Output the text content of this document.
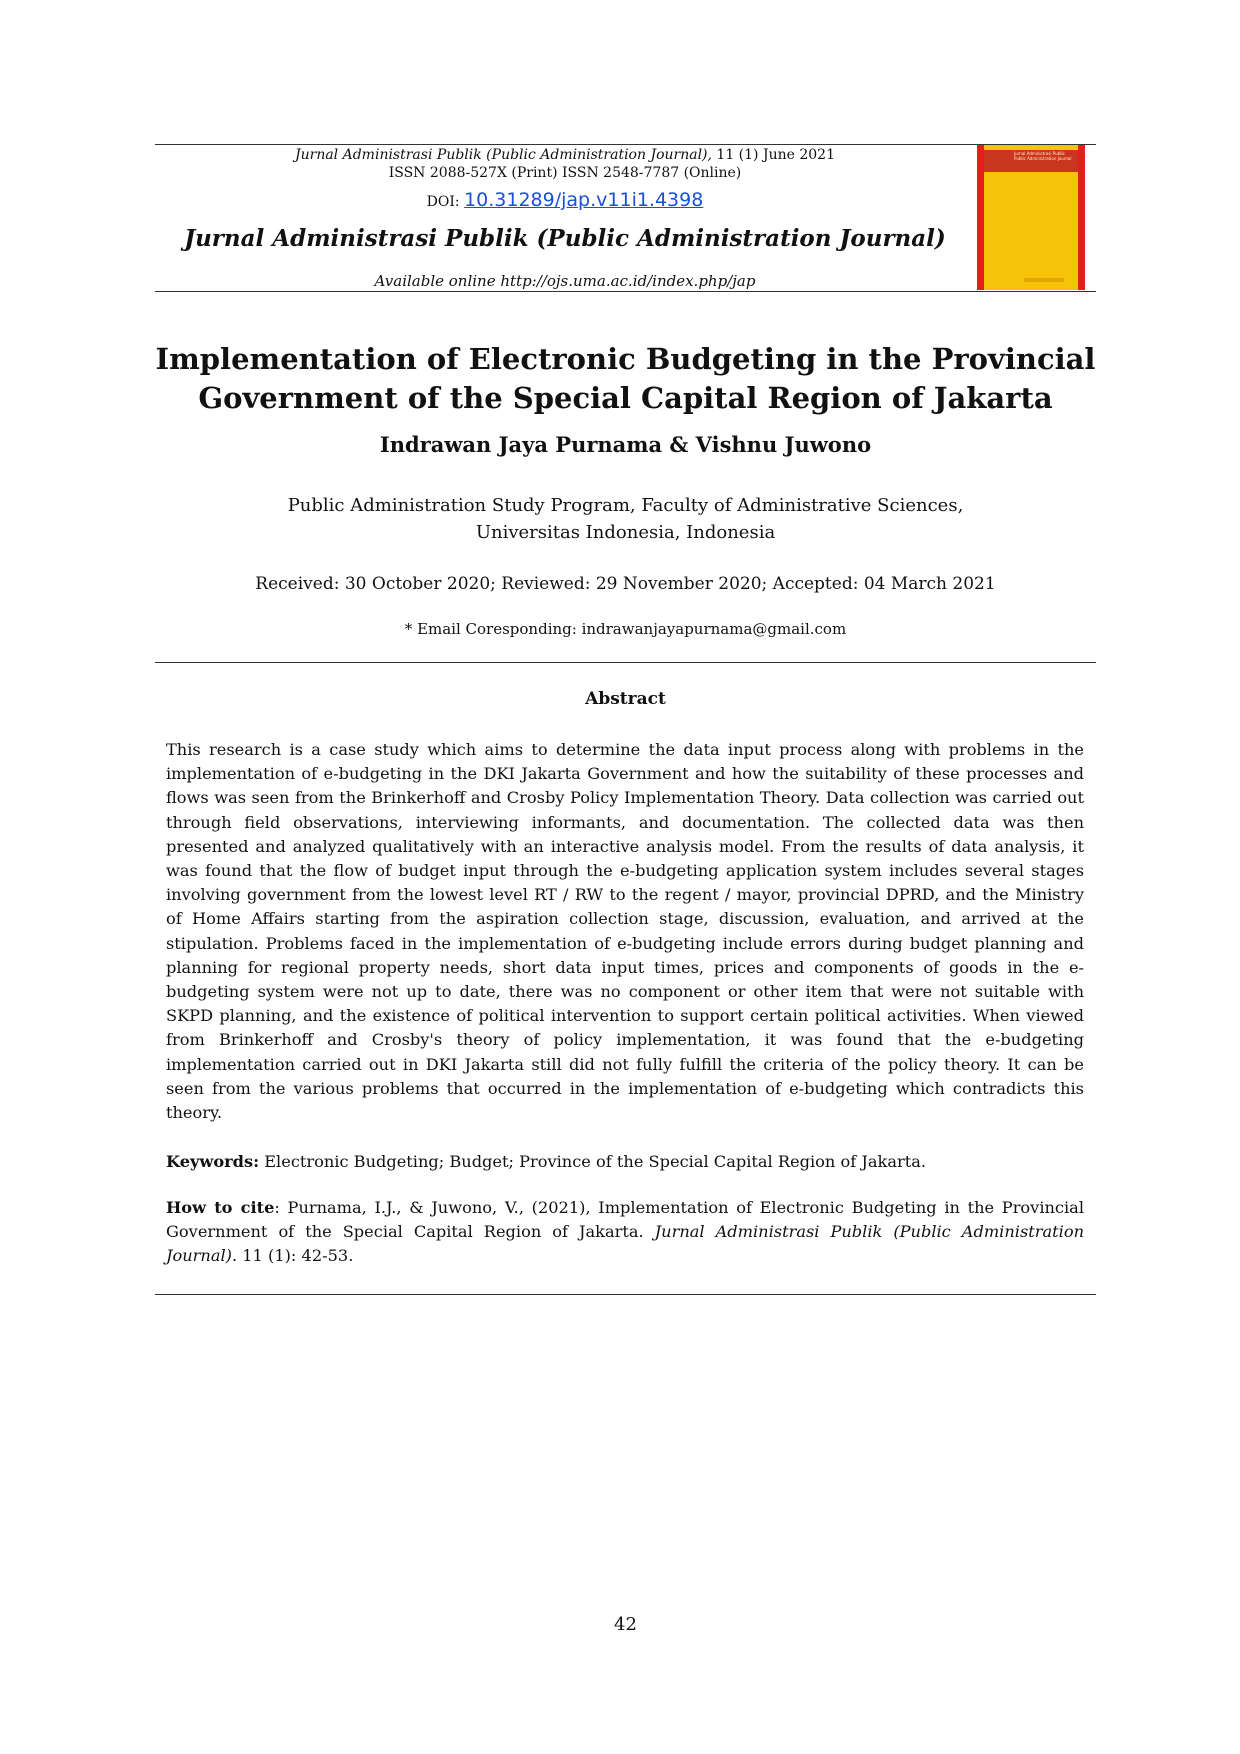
Jurnal Administrasi Publik (Public Administration Journal), 11 (1) June 2021
ISSN 2088-527X (Print) ISSN 2548-7787 (Online)
DOI: 10.31289/jap.v11i1.4398
Jurnal Administrasi Publik (Public Administration Journal)
Available online http://ojs.uma.ac.id/index.php/jap
Jurnal Administrasi Publik Public Administration Journal
Implementation of Electronic Budgeting in the Provincial
Government of the Special Capital Region of Jakarta
Indrawan Jaya Purnama & Vishnu Juwono
Public Administration Study Program, Faculty of Administrative Sciences,
Universitas Indonesia, Indonesia
Received: 30 October 2020; Reviewed: 29 November 2020; Accepted: 04 March 2021
* Email Coresponding: indrawanjayapurnama@gmail.com
Abstract
This research is a case study which aims to determine the data input process along with problems in the implementation of e-budgeting in the DKI Jakarta Government and how the suitability of these processes and flows was seen from the Brinkerhoff and Crosby Policy Implementation Theory. Data collection was carried out through field observations, interviewing informants, and documentation. The collected data was then presented and analyzed qualitatively with an interactive analysis model. From the results of data analysis, it was found that the flow of budget input through the e-budgeting application system includes several stages involving government from the lowest level RT / RW to the regent / mayor, provincial DPRD, and the Ministry of Home Affairs starting from the aspiration collection stage, discussion, evaluation, and arrived at the stipulation. Problems faced in the implementation of e-budgeting include errors during budget planning and planning for regional property needs, short data input times, prices and components of goods in the e-budgeting system were not up to date, there was no component or other item that were not suitable with SKPD planning, and the existence of political intervention to support certain political activities. When viewed from Brinkerhoff and Crosby's theory of policy implementation, it was found that the e-budgeting implementation carried out in DKI Jakarta still did not fully fulfill the criteria of the policy theory. It can be seen from the various problems that occurred in the implementation of e-budgeting which contradicts this theory.
Keywords: Electronic Budgeting; Budget; Province of the Special Capital Region of Jakarta.
How to cite: Purnama, I.J., & Juwono, V., (2021), Implementation of Electronic Budgeting in the Provincial Government of the Special Capital Region of Jakarta. Jurnal Administrasi Publik (Public Administration Journal). 11 (1): 42-53.
42
